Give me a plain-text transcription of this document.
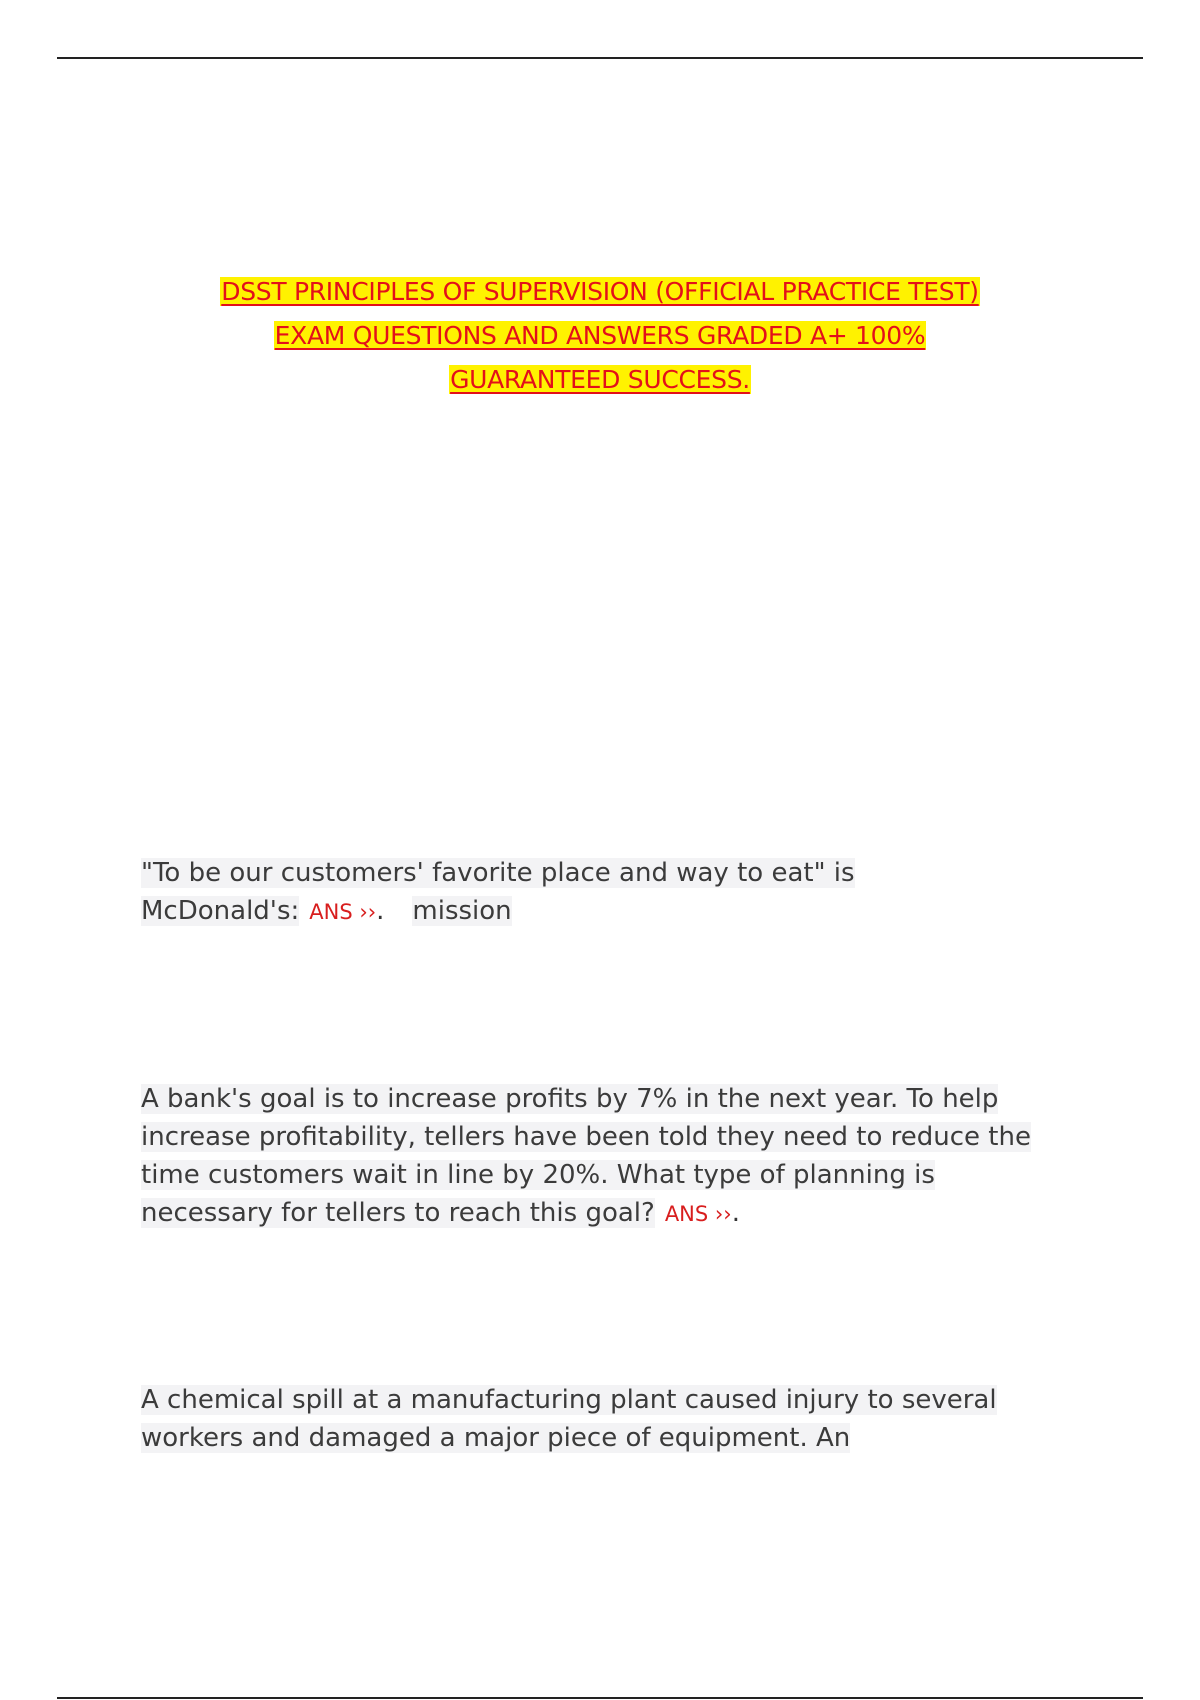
DSST PRINCIPLES OF SUPERVISION (OFFICIAL PRACTICE TEST)
EXAM QUESTIONS AND ANSWERS GRADED A+ 100%
GUARANTEED SUCCESS.
"To be our customers' favorite place and way to eat" is McDonald's: ANS ››. mission
A bank's goal is to increase profits by 7% in the next year. To help increase profitability, tellers have been told they need to reduce the time customers wait in line by 20%. What type of planning is necessary for tellers to reach this goal? ANS ››.
A chemical spill at a manufacturing plant caused injury to several workers and damaged a major piece of equipment. An
